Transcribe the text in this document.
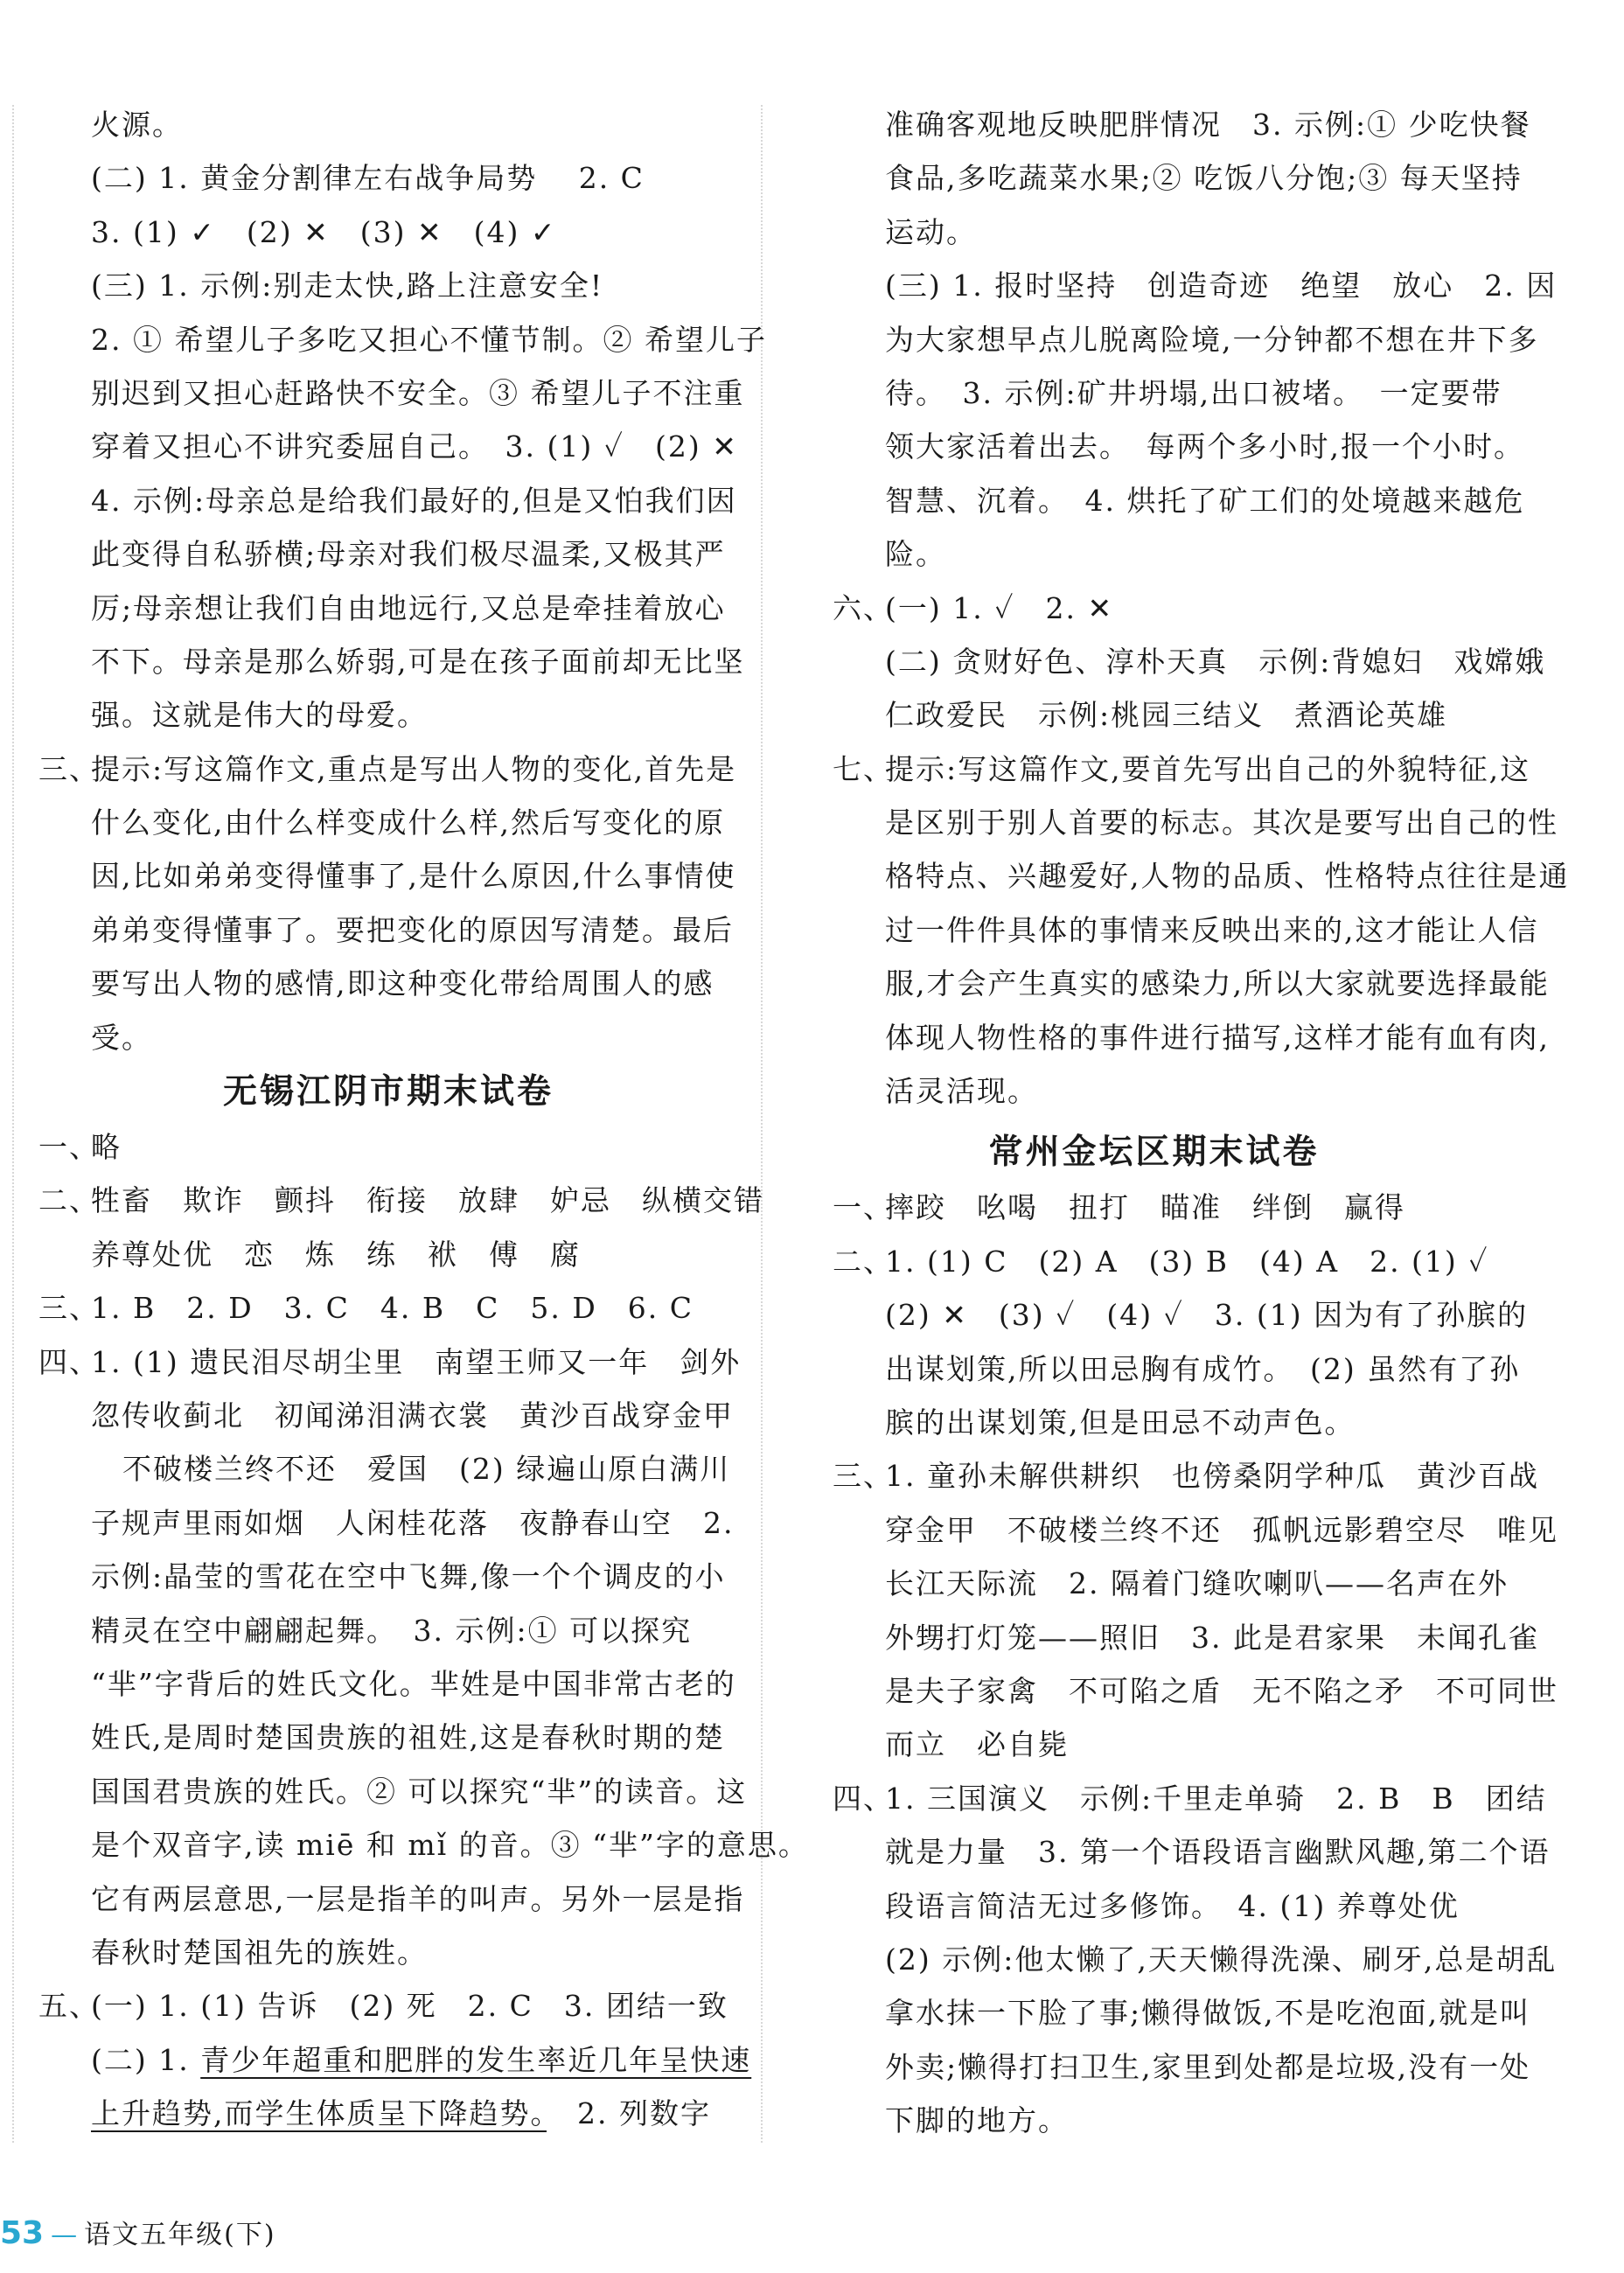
火源。
(二) 1. 黄金分割律左右战争局势　 2. C
3. (1) ✓　(2) ✕　(3) ✕　(4) ✓
(三) 1. 示例:别走太快,路上注意安全!
2. ① 希望儿子多吃又担心不懂节制。② 希望儿子
别迟到又担心赶路快不安全。③ 希望儿子不注重
穿着又担心不讲究委屈自己。　3. (1) ✓　(2) ✕
4. 示例:母亲总是给我们最好的,但是又怕我们因
此变得自私骄横;母亲对我们极尽温柔,又极其严
厉;母亲想让我们自由地远行,又总是牵挂着放心
不下。母亲是那么娇弱,可是在孩子面前却无比坚
强。这就是伟大的母爱。
三、
提示:写这篇作文,重点是写出人物的变化,首先是
什么变化,由什么样变成什么样,然后写变化的原
因,比如弟弟变得懂事了,是什么原因,什么事情使
弟弟变得懂事了。要把变化的原因写清楚。最后
要写出人物的感情,即这种变化带给周围人的感
受。
无锡江阴市期末试卷
一、
略
二、
牲畜　欺诈　颤抖　衔接　放肆　妒忌　纵横交错
养尊处优　恋　炼　练　袱　傅　腐
三、
1. B　2. D　3. C　4. B　C　5. D　6. C
四、
1. (1) 遗民泪尽胡尘里　南望王师又一年　剑外
忽传收蓟北　初闻涕泪满衣裳　黄沙百战穿金甲
不破楼兰终不还　爱国　(2) 绿遍山原白满川
子规声里雨如烟　人闲桂花落　夜静春山空　2.
示例:晶莹的雪花在空中飞舞,像一个个调皮的小
精灵在空中翩翩起舞。　3. 示例:① 可以探究
“芈”字背后的姓氏文化。芈姓是中国非常古老的
姓氏,是周时楚国贵族的祖姓,这是春秋时期的楚
国国君贵族的姓氏。② 可以探究“芈”的读音。这
是个双音字,读 miē 和 mǐ 的音。③ “芈”字的意思。
它有两层意思,一层是指羊的叫声。另外一层是指
春秋时楚国祖先的族姓。
五、
(一) 1. (1) 告诉　(2) 死　2. C　3. 团结一致
(二) 1. 青少年超重和肥胖的发生率近几年呈快速
上升趋势,而学生体质呈下降趋势。　2. 列数字
准确客观地反映肥胖情况　3. 示例:① 少吃快餐
食品,多吃蔬菜水果;② 吃饭八分饱;③ 每天坚持
运动。
(三) 1. 报时坚持　创造奇迹　绝望　放心　2. 因
为大家想早点儿脱离险境,一分钟都不想在井下多
待。　3. 示例:矿井坍塌,出口被堵。　一定要带
领大家活着出去。　每两个多小时,报一个小时。
智慧、沉着。　4. 烘托了矿工们的处境越来越危
险。
六、
(一) 1. ✓　2. ✕
(二) 贪财好色、淳朴天真　示例:背媳妇　戏嫦娥
仁政爱民　示例:桃园三结义　煮酒论英雄
七、
提示:写这篇作文,要首先写出自己的外貌特征,这
是区别于别人首要的标志。其次是要写出自己的性
格特点、兴趣爱好,人物的品质、性格特点往往是通
过一件件具体的事情来反映出来的,这才能让人信
服,才会产生真实的感染力,所以大家就要选择最能
体现人物性格的事件进行描写,这样才能有血有肉,
活灵活现。
常州金坛区期末试卷
一、
摔跤　吆喝　扭打　瞄准　绊倒　赢得
二、
1. (1) C　(2) A　(3) B　(4) A　2. (1) ✓
(2) ✕　(3) ✓　(4) ✓　3. (1) 因为有了孙膑的
出谋划策,所以田忌胸有成竹。　(2) 虽然有了孙
膑的出谋划策,但是田忌不动声色。
三、
1. 童孙未解供耕织　也傍桑阴学种瓜　黄沙百战
穿金甲　不破楼兰终不还　孤帆远影碧空尽　唯见
长江天际流　2. 隔着门缝吹喇叭——名声在外
外甥打灯笼——照旧　3. 此是君家果　未闻孔雀
是夫子家禽　不可陷之盾　无不陷之矛　不可同世
而立　必自毙
四、
1. 三国演义　示例:千里走单骑　2. B　B　团结
就是力量　3. 第一个语段语言幽默风趣,第二个语
段语言简洁无过多修饰。　4. (1) 养尊处优
(2) 示例:他太懒了,天天懒得洗澡、刷牙,总是胡乱
拿水抹一下脸了事;懒得做饭,不是吃泡面,就是叫
外卖;懒得打扫卫生,家里到处都是垃圾,没有一处
下脚的地方。
53 — 语文五年级(下)
